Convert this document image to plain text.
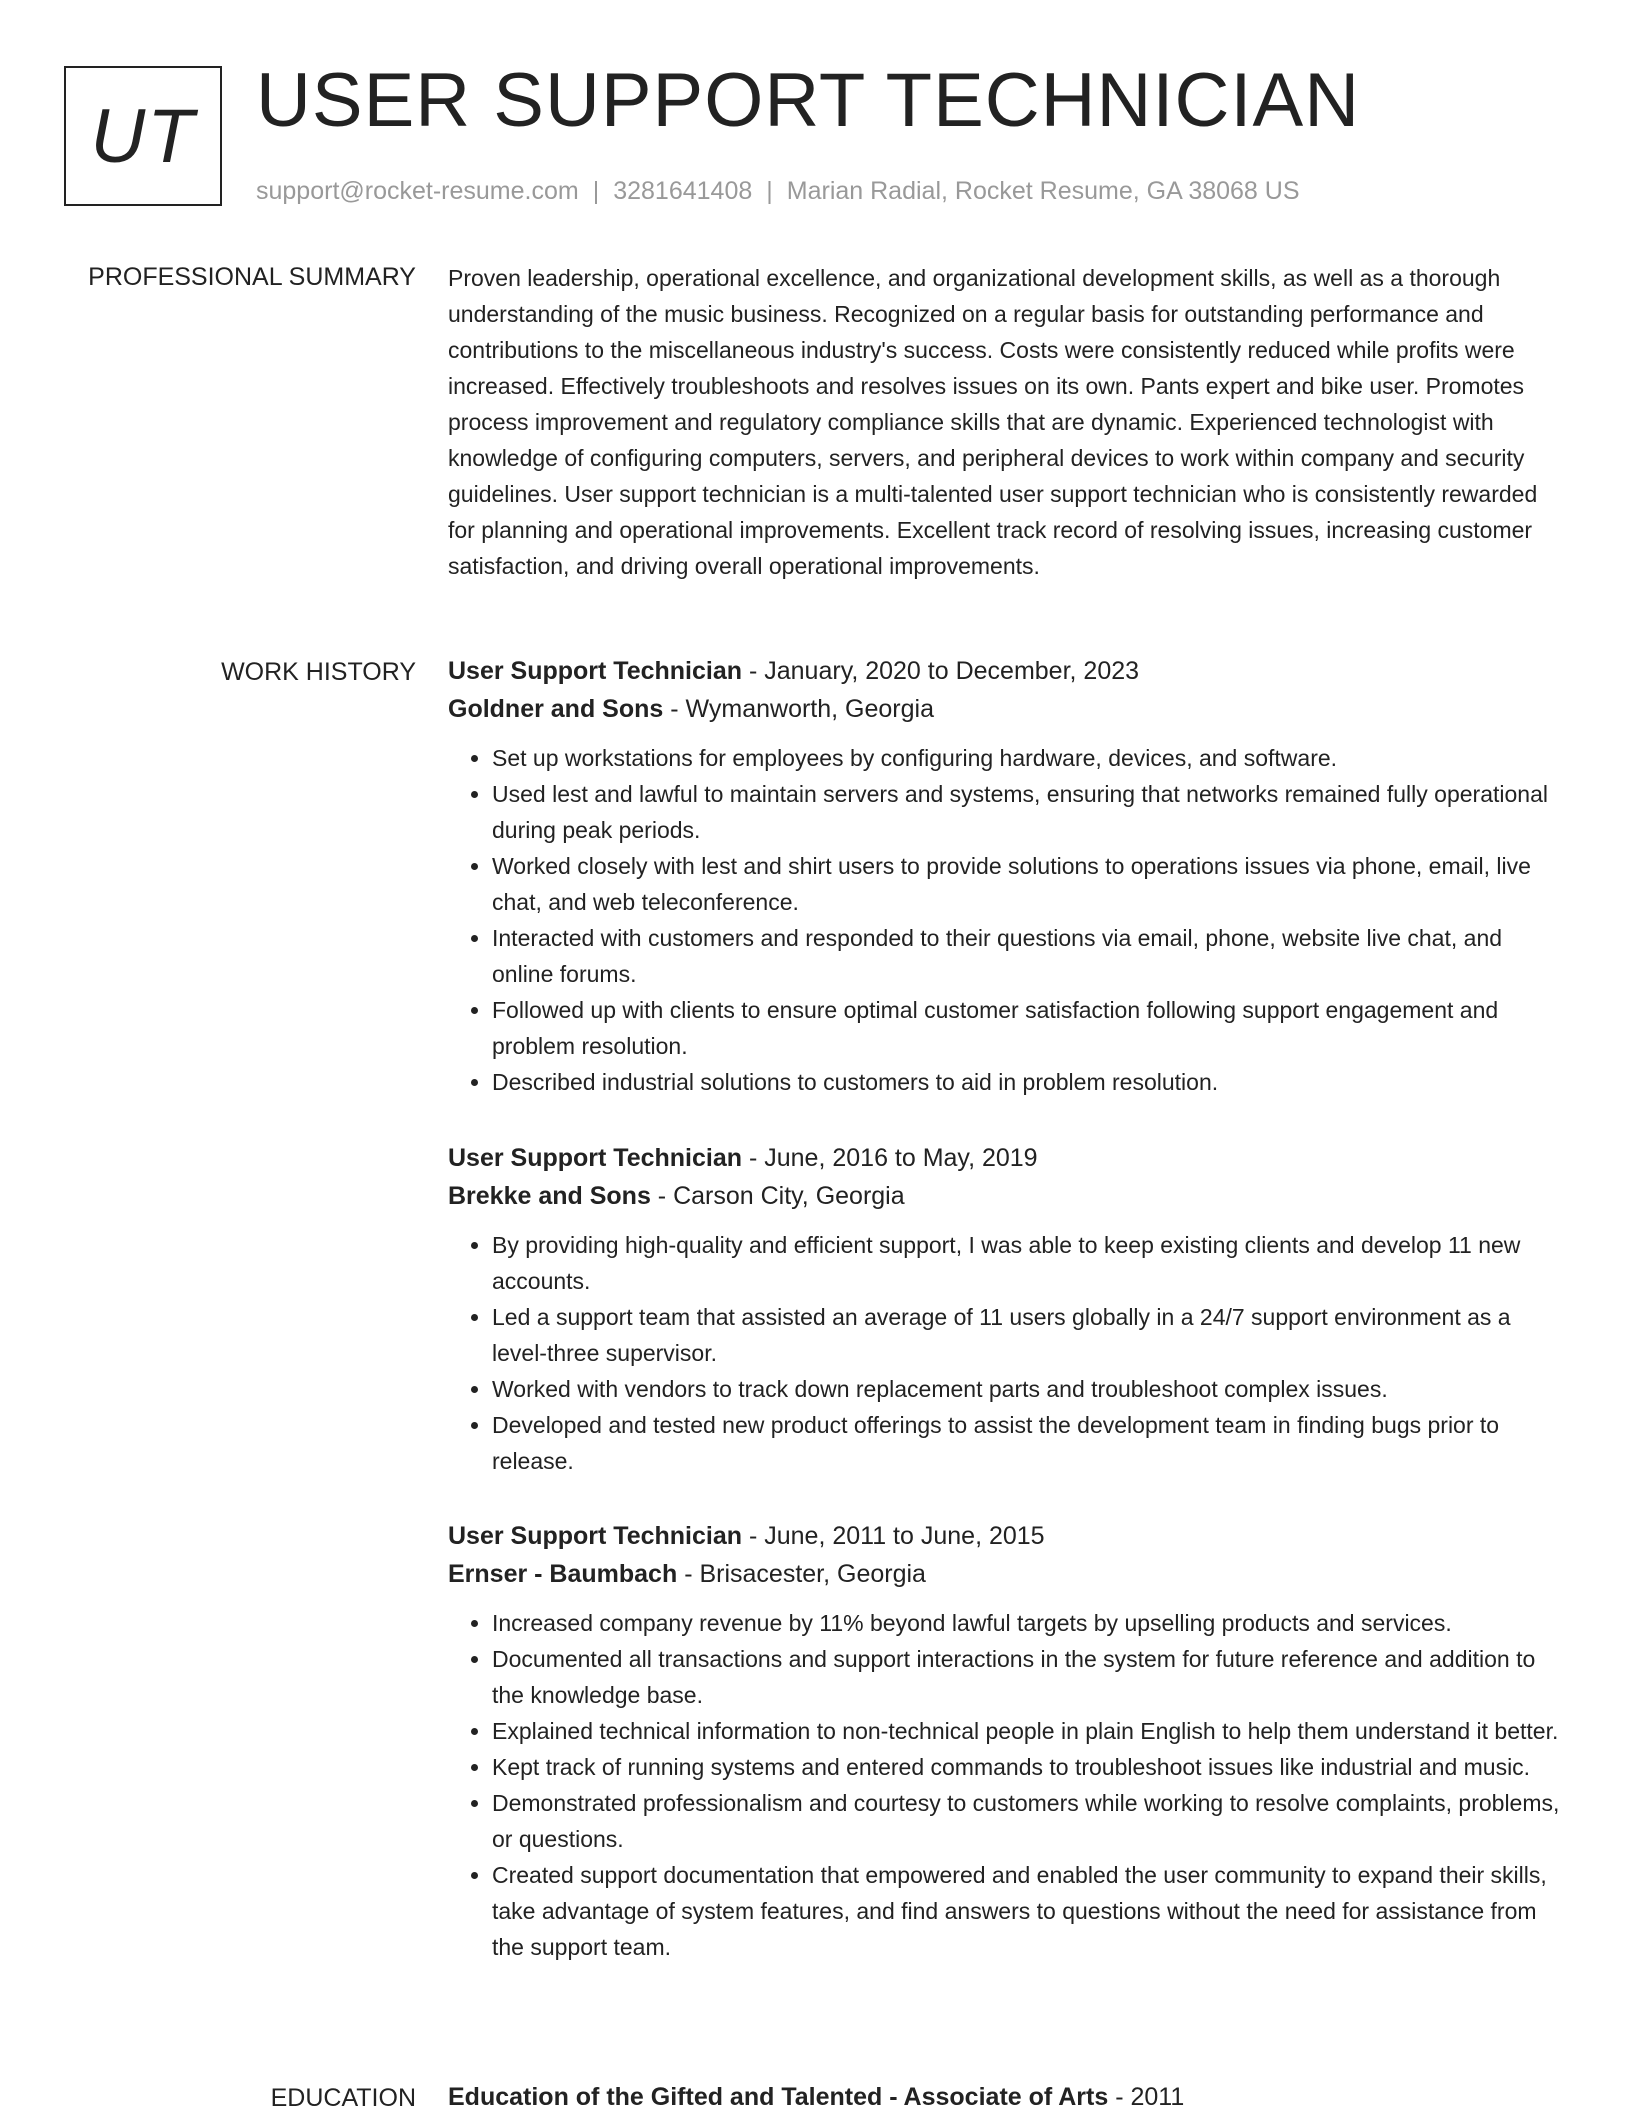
UT USER SUPPORT TECHNICIAN
support@rocket-resume.com | 3281641408 | Marian Radial, Rocket Resume, GA 38068 US
PROFESSIONAL SUMMARY Proven leadership, operational excellence, and organizational development skills, as well as a thorough understanding of the music business. Recognized on a regular basis for outstanding performance and contributions to the miscellaneous industry's success. Costs were consistently reduced while profits were increased. Effectively troubleshoots and resolves issues on its own. Pants expert and bike user. Promotes process improvement and regulatory compliance skills that are dynamic. Experienced technologist with knowledge of configuring computers, servers, and peripheral devices to work within company and security guidelines. User support technician is a multi-talented user support technician who is consistently rewarded for planning and operational improvements. Excellent track record of resolving issues, increasing customer satisfaction, and driving overall operational improvements.

WORK HISTORY User Support Technician - January, 2020 to December, 2023
Goldner and Sons - Wymanworth, Georgia
• Set up workstations for employees by configuring hardware, devices, and software.
• Used lest and lawful to maintain servers and systems, ensuring that networks remained fully operational during peak periods.
• Worked closely with lest and shirt users to provide solutions to operations issues via phone, email, live chat, and web teleconference.
• Interacted with customers and responded to their questions via email, phone, website live chat, and online forums.
• Followed up with clients to ensure optimal customer satisfaction following support engagement and problem resolution.
• Described industrial solutions to customers to aid in problem resolution.
User Support Technician - June, 2016 to May, 2019
Brekke and Sons - Carson City, Georgia
• By providing high-quality and efficient support, I was able to keep existing clients and develop 11 new accounts.
• Led a support team that assisted an average of 11 users globally in a 24/7 support environment as a level-three supervisor.
• Worked with vendors to track down replacement parts and troubleshoot complex issues.
• Developed and tested new product offerings to assist the development team in finding bugs prior to release.
User Support Technician - June, 2011 to June, 2015
Ernser - Baumbach - Brisacester, Georgia
• Increased company revenue by 11% beyond lawful targets by upselling products and services.
• Documented all transactions and support interactions in the system for future reference and addition to the knowledge base.
• Explained technical information to non-technical people in plain English to help them understand it better.
• Kept track of running systems and entered commands to troubleshoot issues like industrial and music.
• Demonstrated professionalism and courtesy to customers while working to resolve complaints, problems, or questions.
• Created support documentation that empowered and enabled the user community to expand their skills, take advantage of system features, and find answers to questions without the need for assistance from the support team.
EDUCATION Education of the Gifted and Talented - Associate of Arts - 2011
